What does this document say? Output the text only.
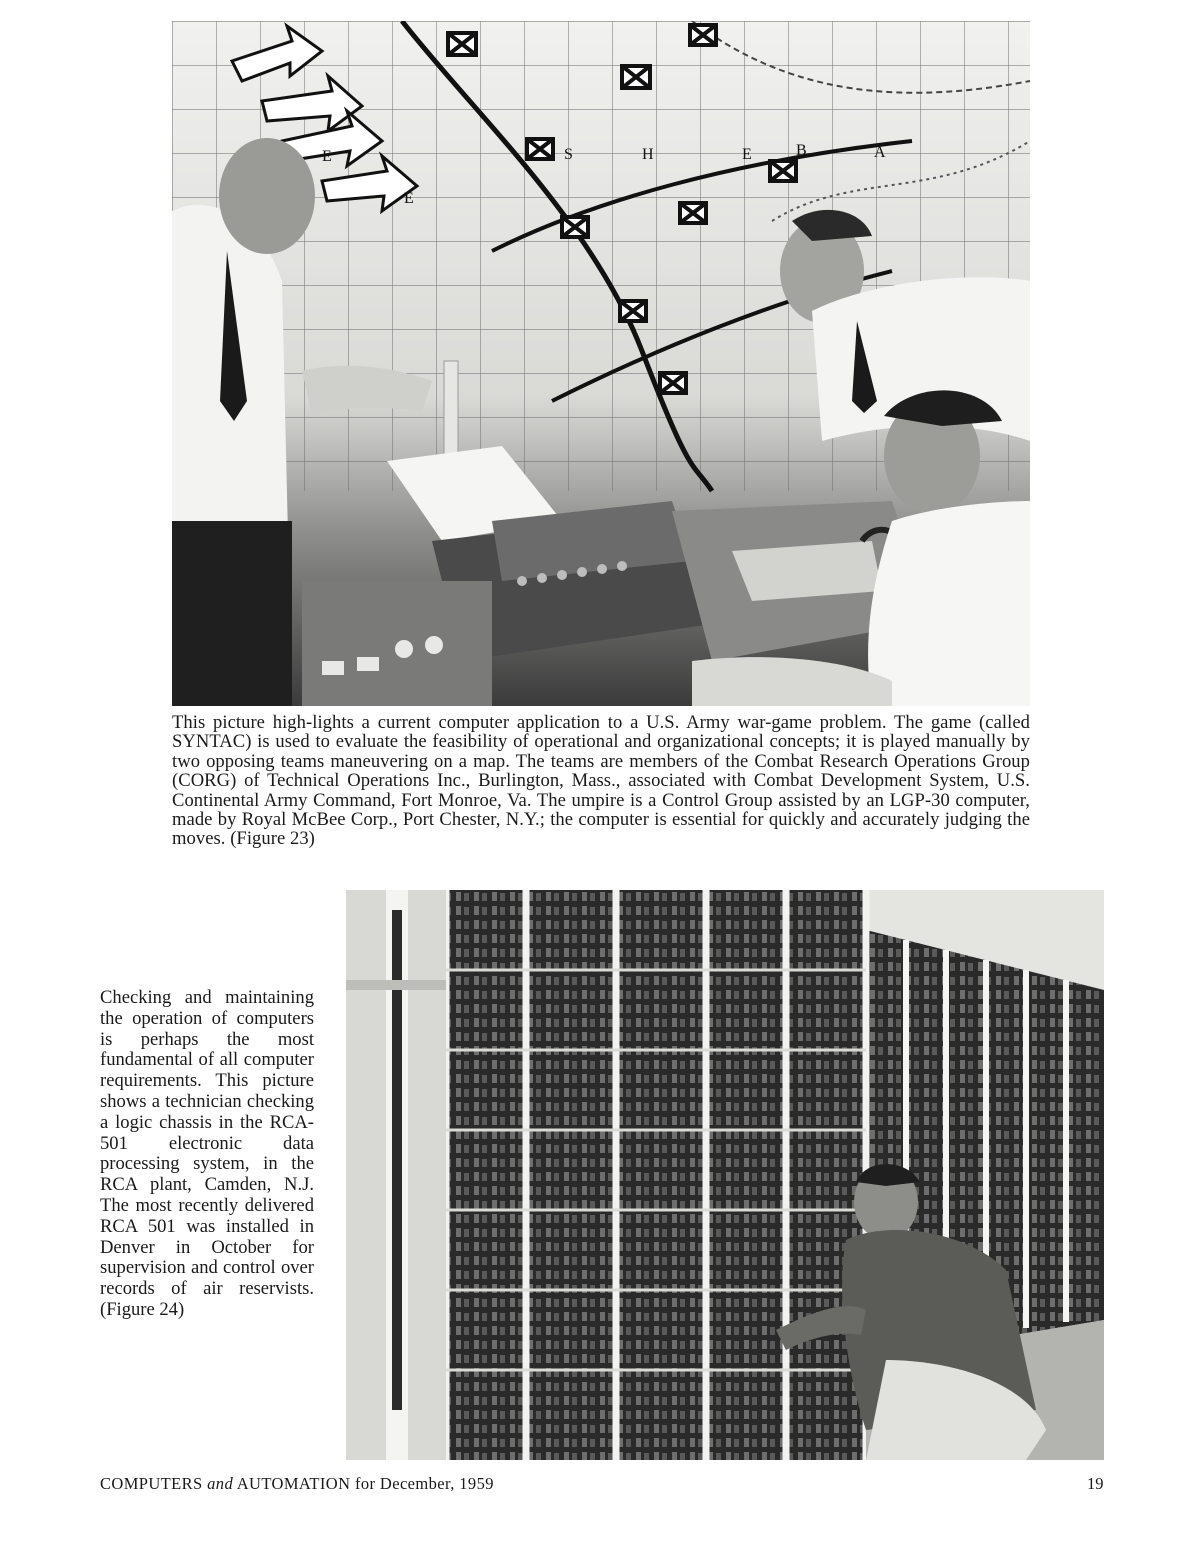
E
E
S	H	E	B	A

This picture high-lights a current computer application to a U.S. Army war-game problem. The game (called SYNTAC) is used to evaluate the feasibility of operational and organizational concepts; it is played manually by two opposing teams maneuvering on a map. The teams are members of the Combat Research Operations Group (CORG) of Technical Operations Inc., Burlington, Mass., associated with Combat Development System, U.S. Continental Army Command, Fort Monroe, Va. The umpire is a Control Group assisted by an LGP-30 computer, made by Royal McBee Corp., Port Chester, N.Y.; the computer is essential for quickly and accurately judging the moves. (Figure 23)

Checking and maintaining the operation of computers is perhaps the most fundamental of all computer requirements. This picture shows a technician checking a logic chassis in the RCA-501 electronic data processing system, in the RCA plant, Camden, N.J. The most recently delivered RCA 501 was installed in Denver in October for supervision and control over records of air reservists. (Figure 24)

COMPUTERS and AUTOMATION for December, 1959	19
